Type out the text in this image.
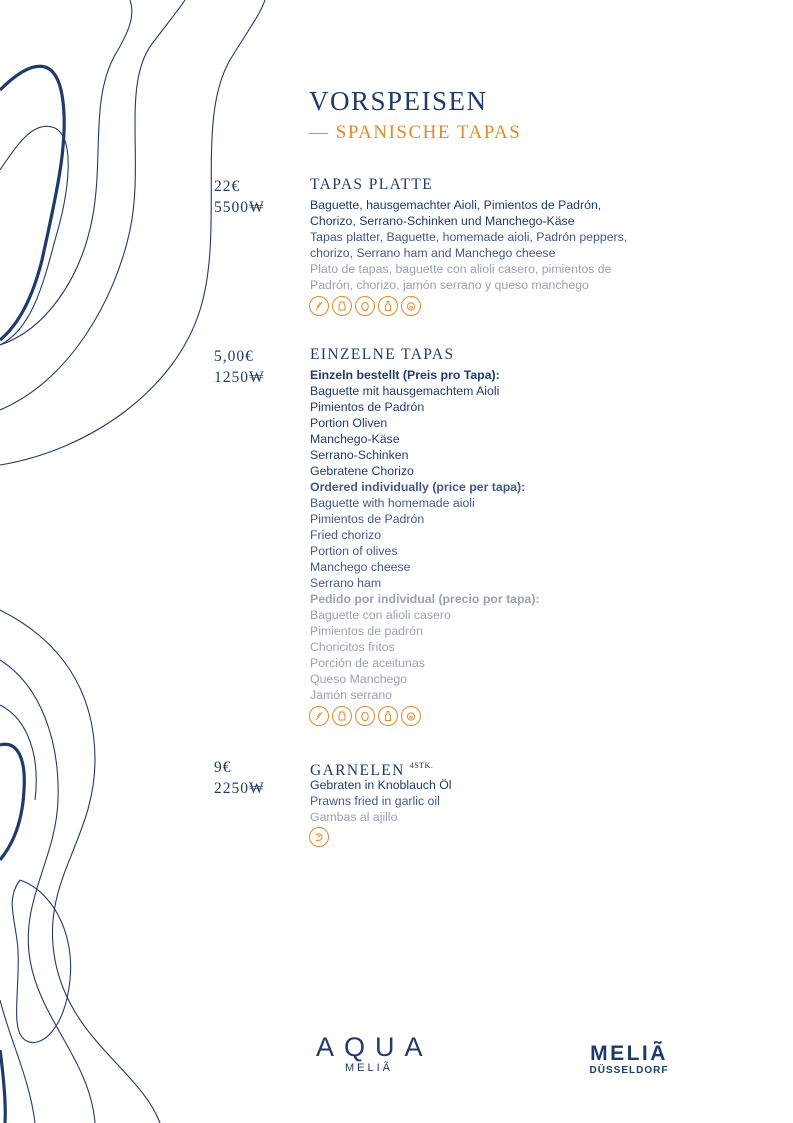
VORSPEISEN
— SPANISCHE TAPAS
22€
5500₩
TAPAS PLATTE
Baguette, hausgemachter Aioli, Pimientos de Padrón,
Chorizo, Serrano-Schinken und Manchego-Käse
Tapas platter, Baguette, homemade aioli, Padrón peppers,
chorizo, Serrano ham and Manchego cheese
Plato de tapas, baguette con alioli casero, pimientos de
Padrón, chorizo, jamón serrano y queso manchego
5,00€
1250₩
EINZELNE TAPAS
Einzeln bestellt (Preis pro Tapa):
Baguette mit hausgemachtem Aioli
Pimientos de Padrón
Portion Oliven
Manchego-Käse
Serrano-Schinken
Gebratene Chorizo
Ordered individually (price per tapa):
Baguette with homemade aioli
Pimientos de Padrón
Fried chorizo
Portion of olives
Manchego cheese
Serrano ham
Pedido por individual (precio por tapa):
Baguette con alioli casero
Pimientos de padrón
Choricitos fritos
Porción de aceitunas
Queso Manchego
Jamón serrano
9€
2250₩
GARNELEN $^{4STK.}$
Gebraten in Knoblauch Öl
Prawns fried in garlic oil
Gambas al ajillo
AQUA
MELIÃ
MELIÃ
DÜSSELDORF
